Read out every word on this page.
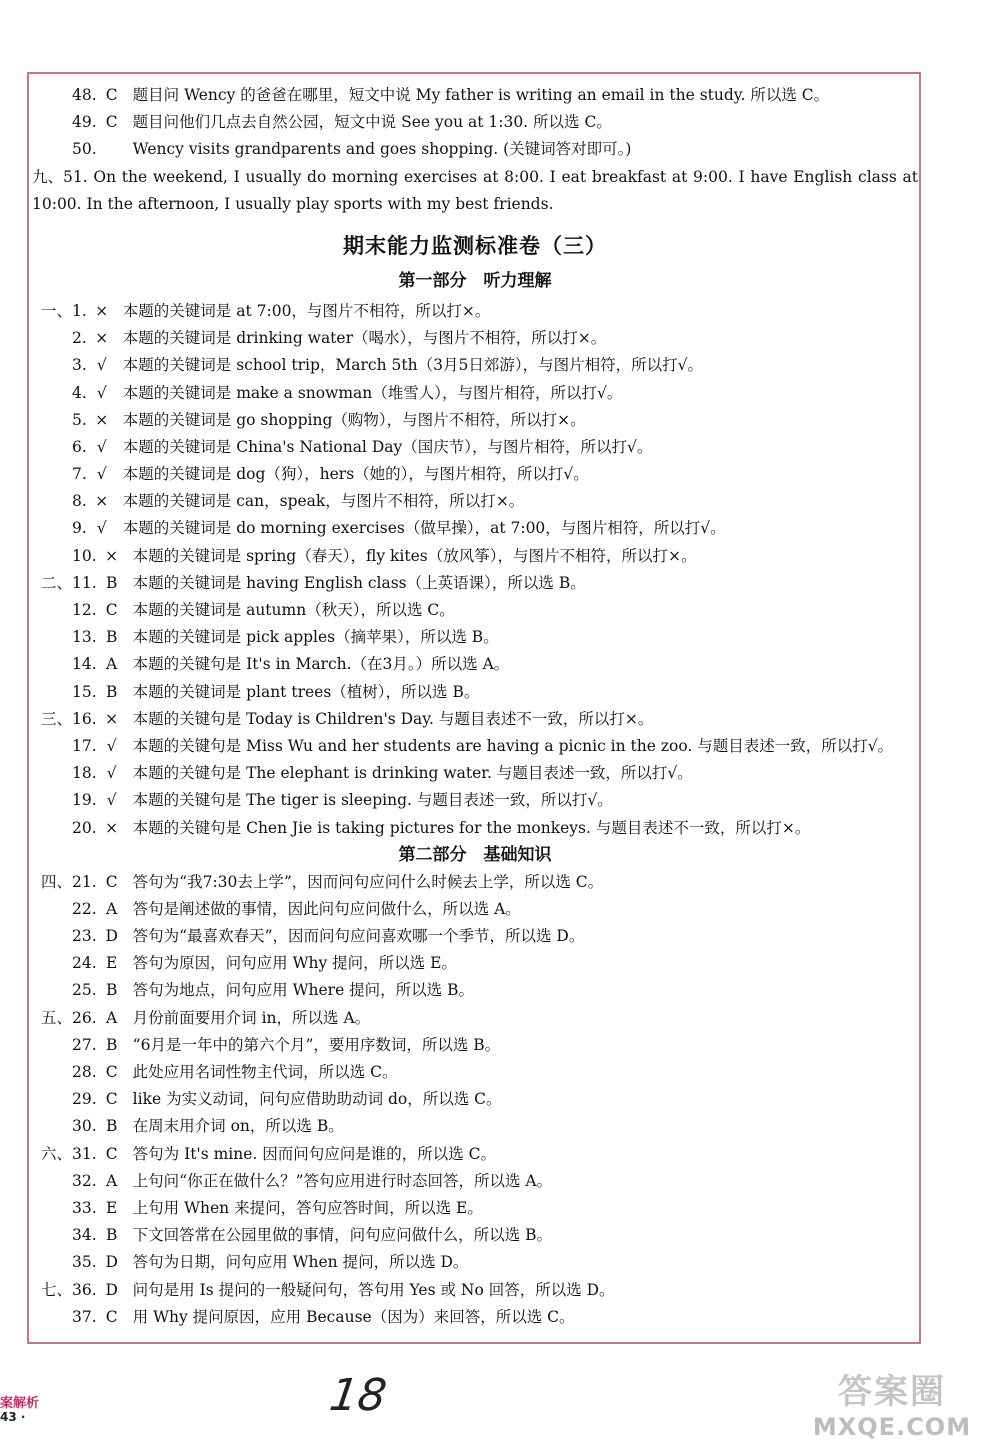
48. C 题目问 Wency 的爸爸在哪里，短文中说 My father is writing an email in the study. 所以选 C。
49. C 题目问他们几点去自然公园，短文中说 See you at 1:30. 所以选 C。
50. Wency visits grandparents and goes shopping. (关键词答对即可。)
九、51. On the weekend, I usually do morning exercises at 8:00. I eat breakfast at 9:00. I have English class at 10:00. In the afternoon, I usually play sports with my best friends.
期末能力监测标准卷（三）
第一部分　听力理解
一、1. × 本题的关键词是 at 7:00，与图片不相符，所以打×。
2. × 本题的关键词是 drinking water（喝水），与图片不相符，所以打×。
3. √ 本题的关键词是 school trip，March 5th（3月5日郊游），与图片相符，所以打√。
4. √ 本题的关键词是 make a snowman（堆雪人），与图片相符，所以打√。
5. × 本题的关键词是 go shopping（购物），与图片不相符，所以打×。
6. √ 本题的关键词是 China's National Day（国庆节），与图片相符，所以打√。
7. √ 本题的关键词是 dog（狗），hers（她的），与图片相符，所以打√。
8. × 本题的关键词是 can，speak，与图片不相符，所以打×。
9. √ 本题的关键词是 do morning exercises（做早操），at 7:00，与图片相符，所以打√。
10. × 本题的关键词是 spring（春天），fly kites（放风筝），与图片不相符，所以打×。
二、11. B 本题的关键词是 having English class（上英语课），所以选 B。
12. C 本题的关键词是 autumn（秋天），所以选 C。
13. B 本题的关键词是 pick apples（摘苹果），所以选 B。
14. A 本题的关键句是 It's in March.（在3月。）所以选 A。
15. B 本题的关键词是 plant trees（植树），所以选 B。
三、16. × 本题的关键句是 Today is Children's Day. 与题目表述不一致，所以打×。
17. √ 本题的关键句是 Miss Wu and her students are having a picnic in the zoo. 与题目表述一致，所以打√。
18. √ 本题的关键句是 The elephant is drinking water. 与题目表述一致，所以打√。
19. √ 本题的关键句是 The tiger is sleeping. 与题目表述一致，所以打√。
20. × 本题的关键句是 Chen Jie is taking pictures for the monkeys. 与题目表述不一致，所以打×。
第二部分　基础知识
四、21. C 答句为“我7:30去上学”，因而问句应问什么时候去上学，所以选 C。
22. A 答句是阐述做的事情，因此问句应问做什么，所以选 A。
23. D 答句为“最喜欢春天”，因而问句应问喜欢哪一个季节，所以选 D。
24. E 答句为原因，问句应用 Why 提问，所以选 E。
25. B 答句为地点，问句应用 Where 提问，所以选 B。
五、26. A 月份前面要用介词 in，所以选 A。
27. B “6月是一年中的第六个月”，要用序数词，所以选 B。
28. C 此处应用名词性物主代词，所以选 C。
29. C like 为实义动词，问句应借助助动词 do，所以选 C。
30. B 在周末用介词 on，所以选 B。
六、31. C 答句为 It's mine. 因而问句应问是谁的，所以选 C。
32. A 上句问“你正在做什么？”答句应用进行时态回答，所以选 A。
33. E 上句用 When 来提问，答句应答时间，所以选 E。
34. B 下文回答常在公园里做的事情，问句应问做什么，所以选 B。
35. D 答句为日期，问句应用 When 提问，所以选 D。
七、36. D 问句是用 Is 提问的一般疑问句，答句用 Yes 或 No 回答，所以选 D。
37. C 用 Why 提问原因，应用 Because（因为）来回答，所以选 C。
案解析
43 ·	18	答案圈
MXQE.COM
